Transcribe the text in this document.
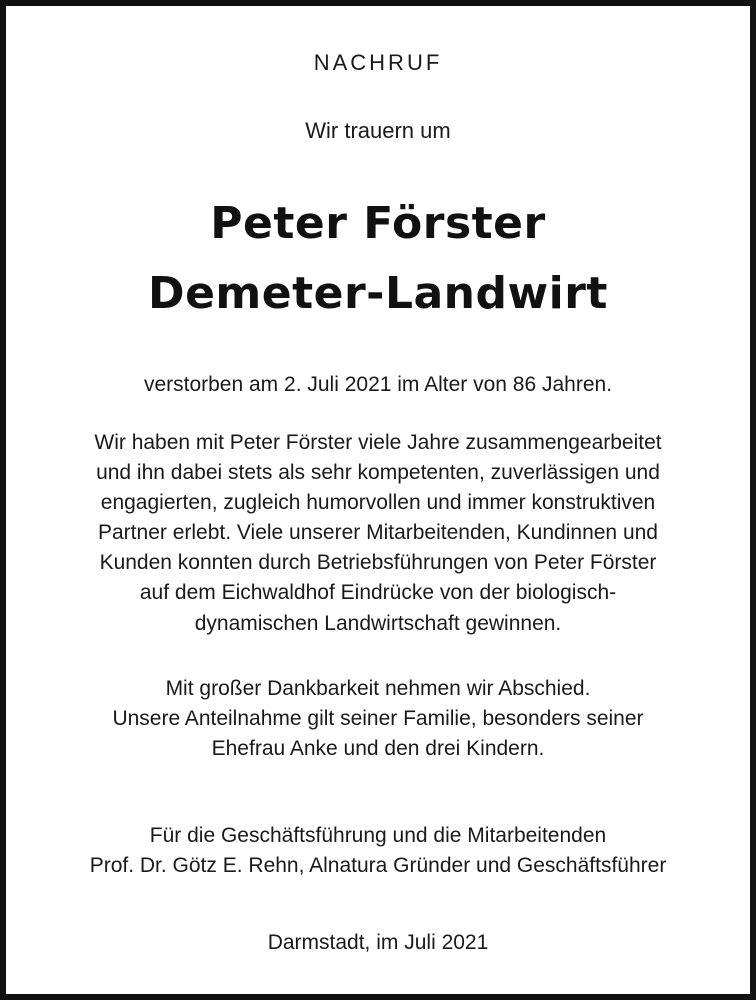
NACHRUF
Wir trauern um
Peter Förster
Demeter-Landwirt
verstorben am 2. Juli 2021 im Alter von 86 Jahren.
Wir haben mit Peter Förster viele Jahre zusammengearbeitet
und ihn dabei stets als sehr kompetenten, zuverlässigen und
engagierten, zugleich humorvollen und immer konstruktiven
Partner erlebt. Viele unserer Mitarbeitenden, Kundinnen und
Kunden konnten durch Betriebsführungen von Peter Förster
auf dem Eichwaldhof Eindrücke von der biologisch-
dynamischen Landwirtschaft gewinnen.
Mit großer Dankbarkeit nehmen wir Abschied.
Unsere Anteilnahme gilt seiner Familie, besonders seiner
Ehefrau Anke und den drei Kindern.
Für die Geschäftsführung und die Mitarbeitenden
Prof. Dr. Götz E. Rehn, Alnatura Gründer und Geschäftsführer
Darmstadt, im Juli 2021
